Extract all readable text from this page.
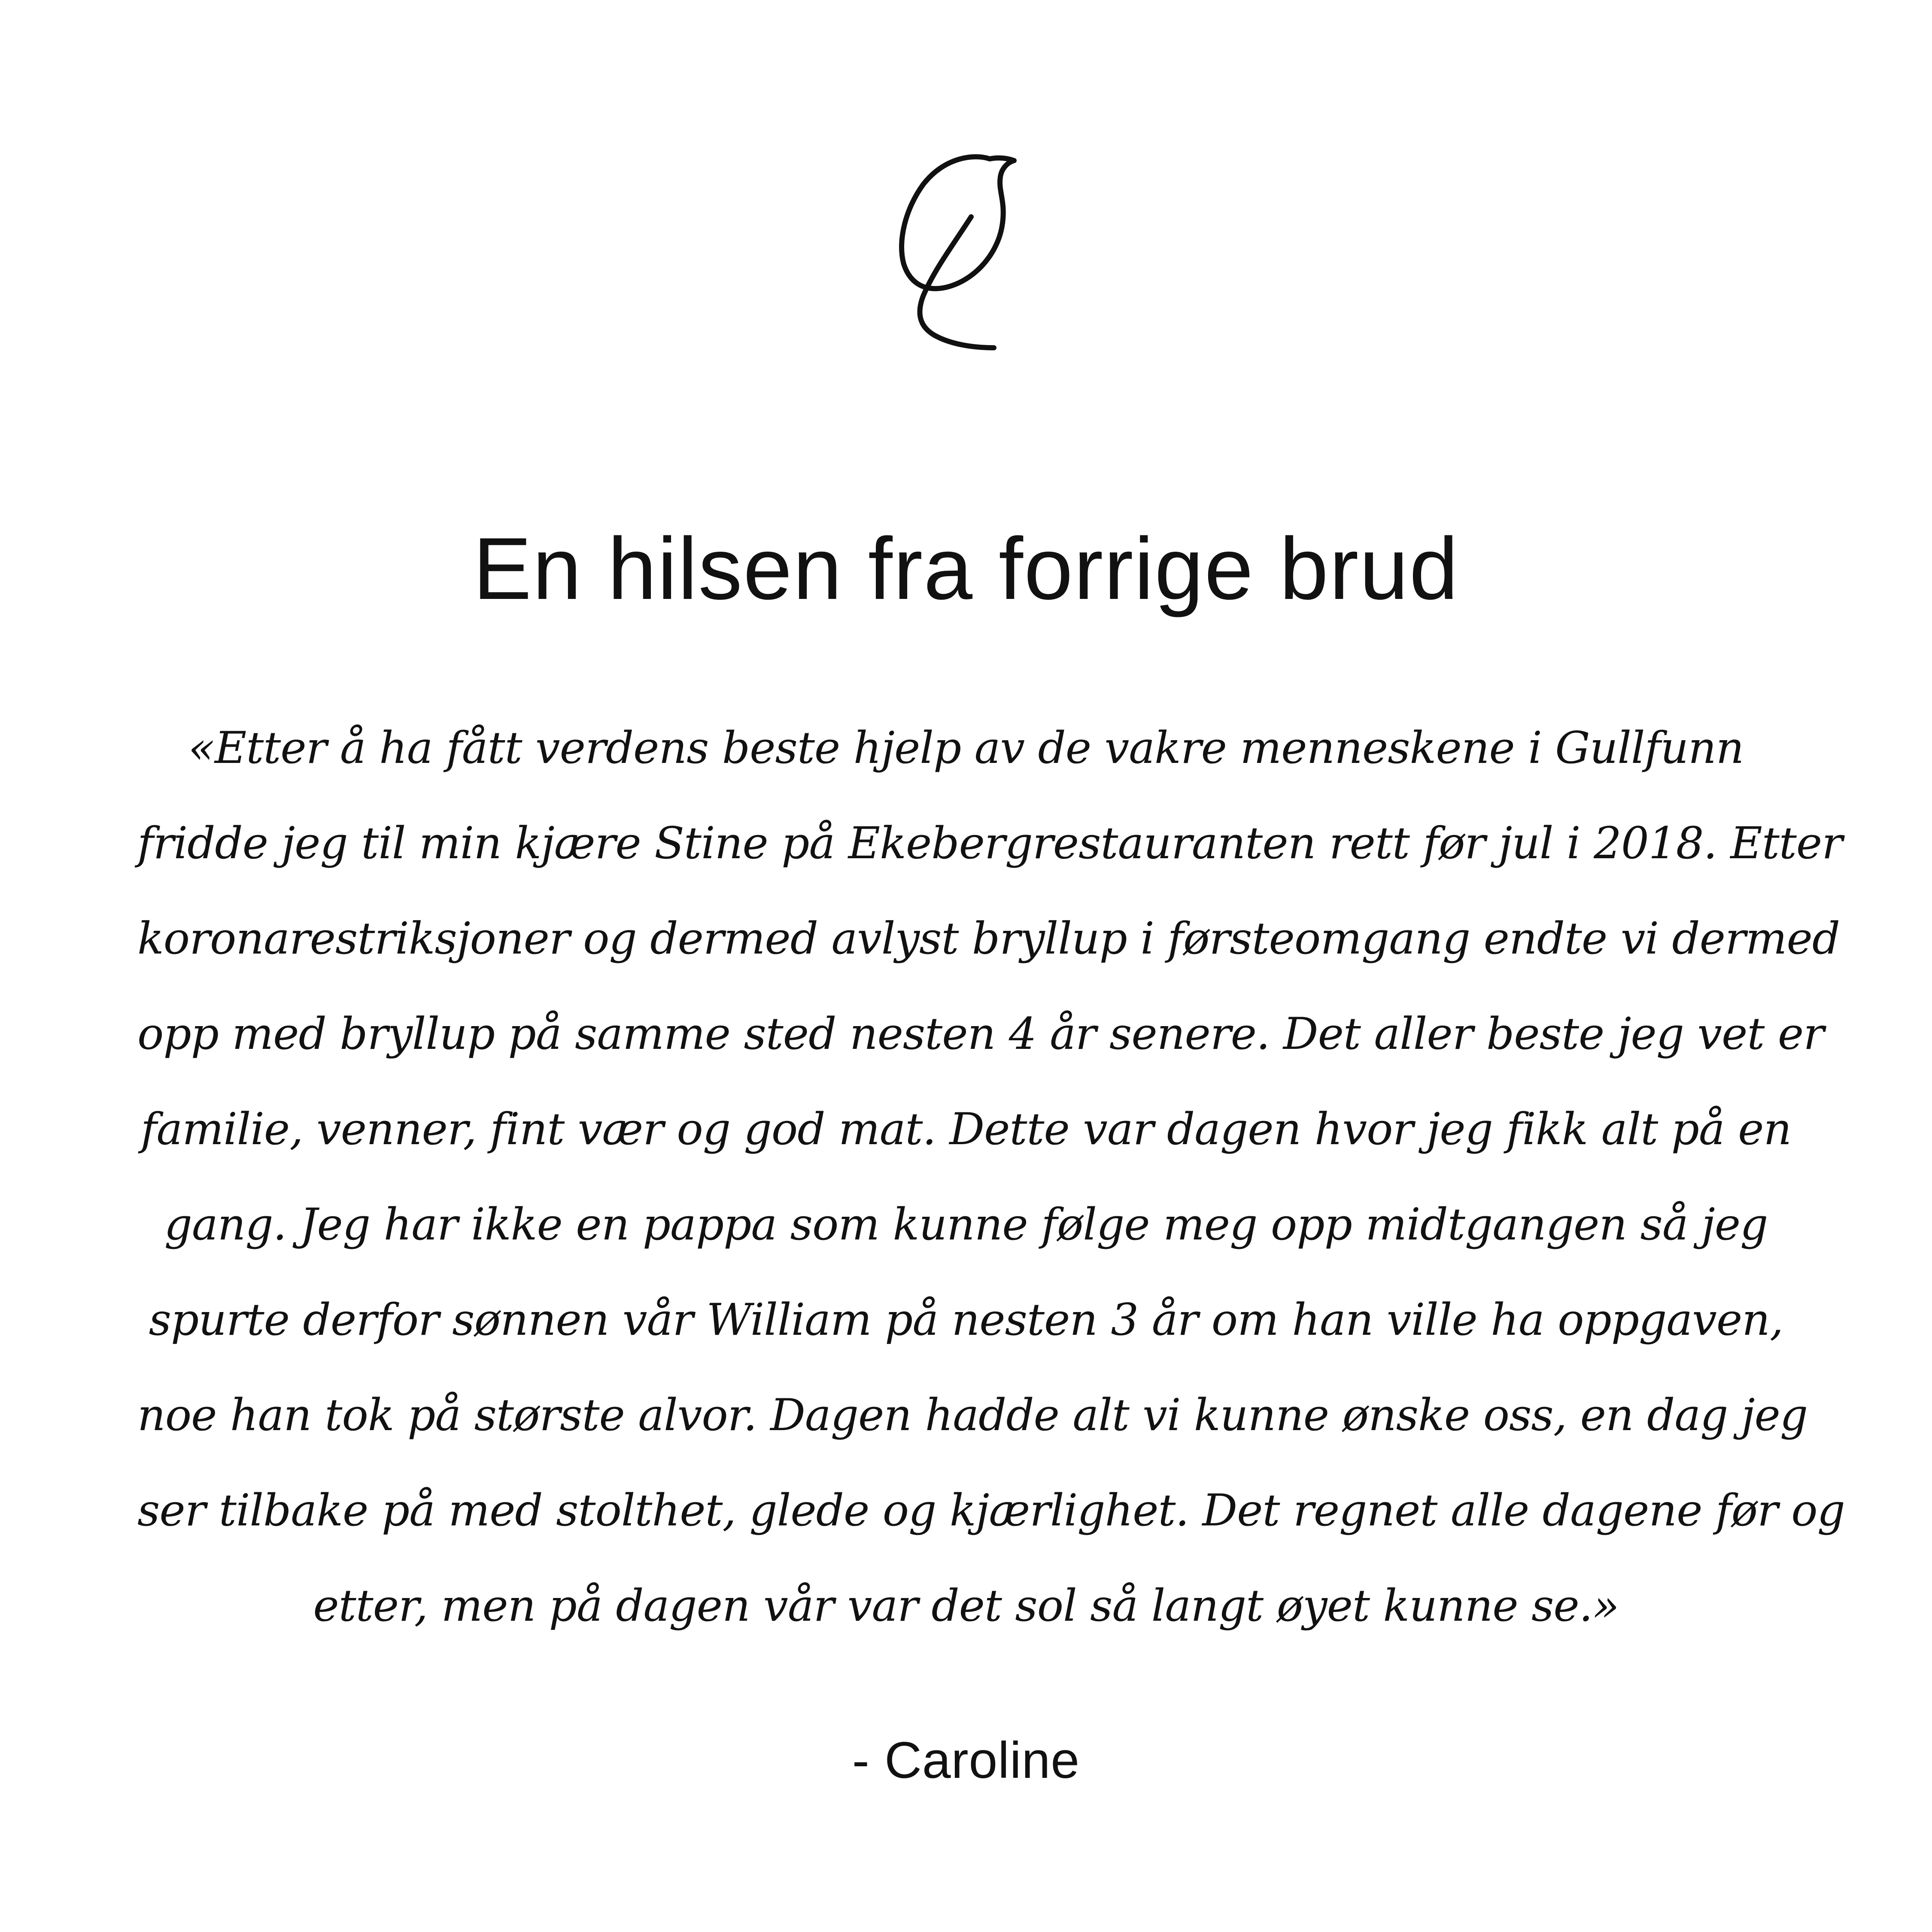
En hilsen fra forrige brud
«Etter å ha fått verdens beste hjelp av de vakre menneskene i Gullfunn
fridde jeg til min kjære Stine på Ekebergrestauranten rett før jul i 2018. Etter
koronarestriksjoner og dermed avlyst bryllup i førsteomgang endte vi dermed
opp med bryllup på samme sted nesten 4 år senere. Det aller beste jeg vet er
familie, venner, fint vær og god mat. Dette var dagen hvor jeg fikk alt på en
gang. Jeg har ikke en pappa som kunne følge meg opp midtgangen så jeg
spurte derfor sønnen vår William på nesten 3 år om han ville ha oppgaven,
noe han tok på største alvor. Dagen hadde alt vi kunne ønske oss, en dag jeg
ser tilbake på med stolthet, glede og kjærlighet. Det regnet alle dagene før og
etter, men på dagen vår var det sol så langt øyet kunne se.»

- Caroline
